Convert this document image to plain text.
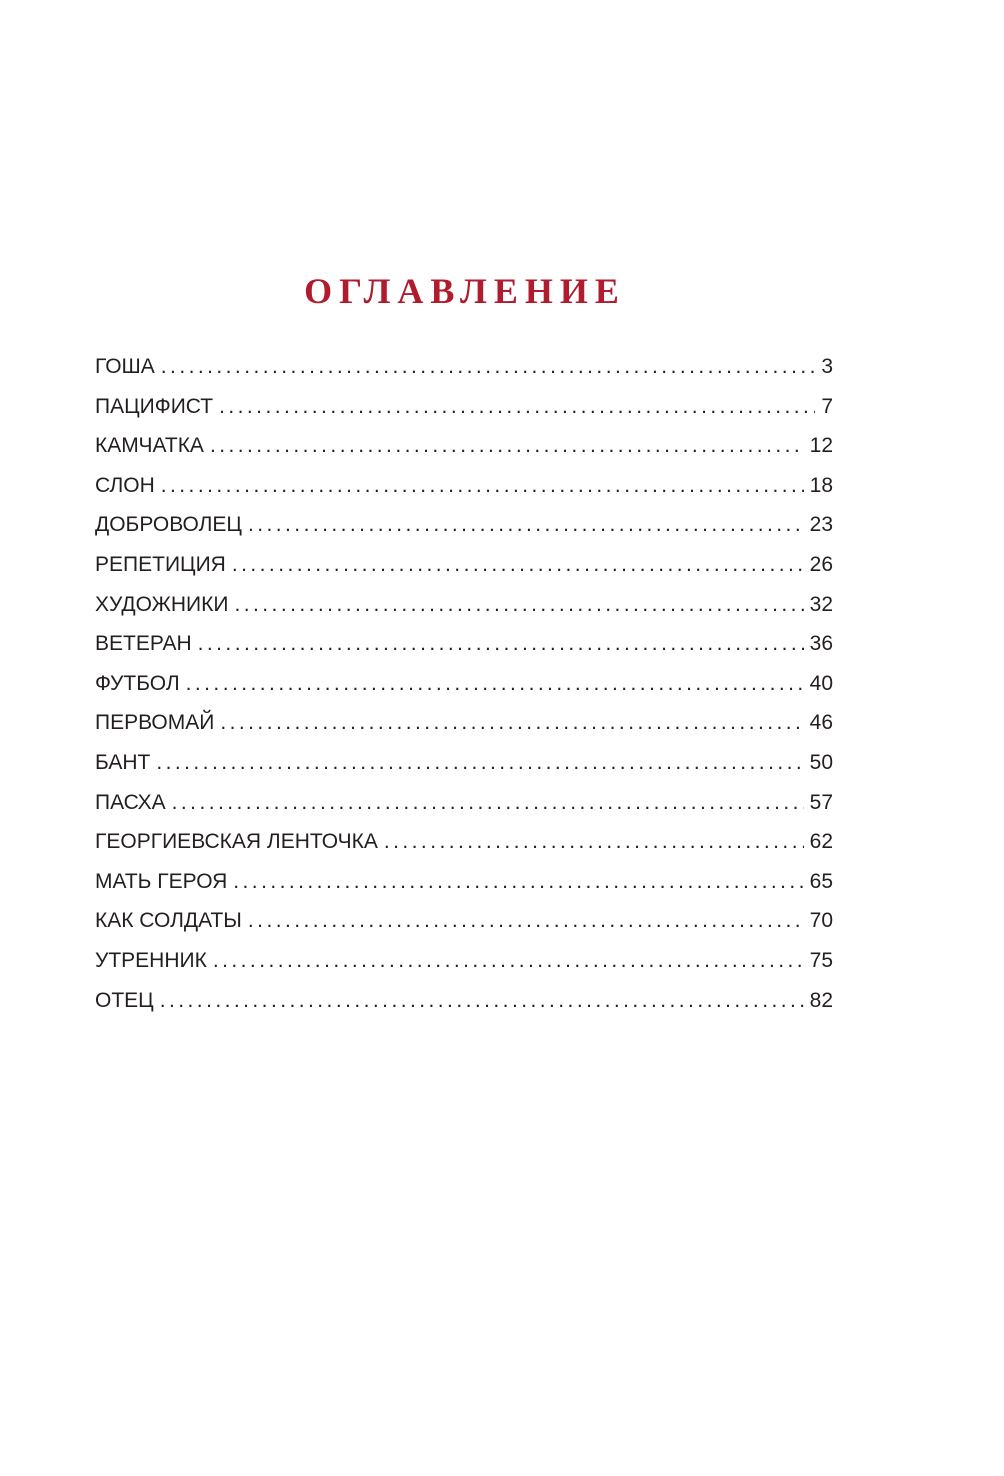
ОГЛАВЛЕНИЕ
ГОША . . .	3
ПАЦИФИСТ . . .	7
КАМЧАТКА . . .	12
СЛОН . . .	18
ДОБРОВОЛЕЦ . . .	23
РЕПЕТИЦИЯ . . .	26
ХУДОЖНИКИ . . .	32
ВЕТЕРАН . . .	36
ФУТБОЛ . . .	40
ПЕРВОМАЙ . . .	46
БАНТ . . .	50
ПАСХА . . .	57
ГЕОРГИЕВСКАЯ ЛЕНТОЧКА . . .	62
МАТЬ ГЕРОЯ . . .	65
КАК СОЛДАТЫ . . .	70
УТРЕННИК . . .	75
ОТЕЦ . . .	82
